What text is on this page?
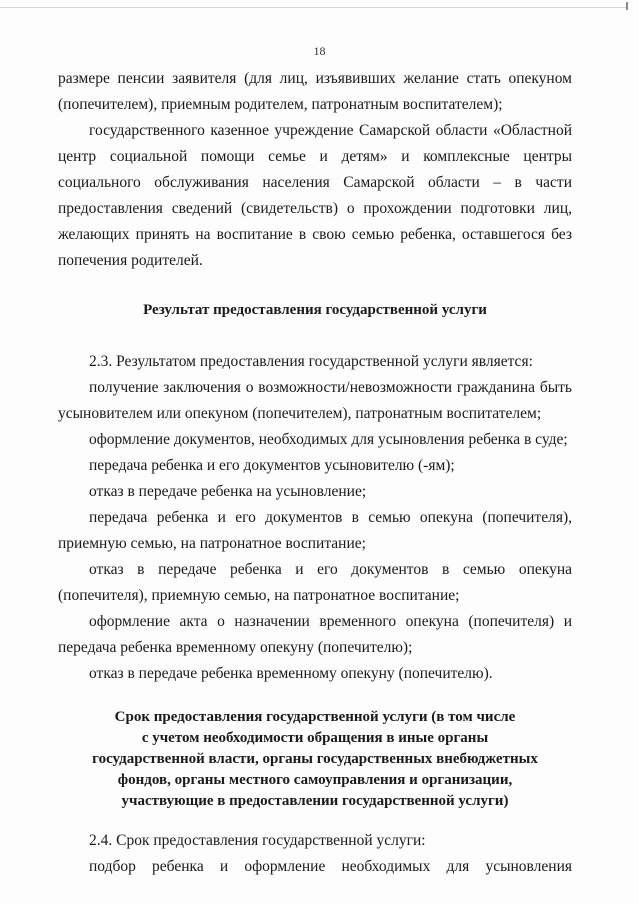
18

размере пенсии заявителя (для лиц, изъявивших желание стать опекуном (попечителем), приемным родителем, патронатным воспитателем);

государственного казенное учреждение Самарской области «Областной центр социальной помощи семье и детям» и комплексные центры социального обслуживания населения Самарской области – в части предоставления сведений (свидетельств) о прохождении подготовки лиц, желающих принять на воспитание в свою семью ребенка, оставшегося без попечения родителей.

Результат предоставления государственной услуги

2.3. Результатом предоставления государственной услуги является:

получение заключения о возможности/невозможности гражданина быть усыновителем или опекуном (попечителем), патронатным воспитателем;

оформление документов, необходимых для усыновления ребенка в суде;

передача ребенка и его документов усыновителю (-ям);

отказ в передаче ребенка на усыновление;

передача ребенка и его документов в семью опекуна (попечителя), приемную семью, на патронатное воспитание;

отказ в передаче ребенка и его документов в семью опекуна (попечителя), приемную семью, на патронатное воспитание;

оформление акта о назначении временного опекуна (попечителя) и передача ребенка временному опекуну (попечителю);

отказ в передаче ребенка временному опекуну (попечителю).

Срок предоставления государственной услуги (в том числе
с учетом необходимости обращения в иные органы
государственной власти, органы государственных внебюджетных
фондов, органы местного самоуправления и организации,
участвующие в предоставлении государственной услуги)

2.4. Срок предоставления государственной услуги:

подбор ребенка и оформление необходимых для усыновления
